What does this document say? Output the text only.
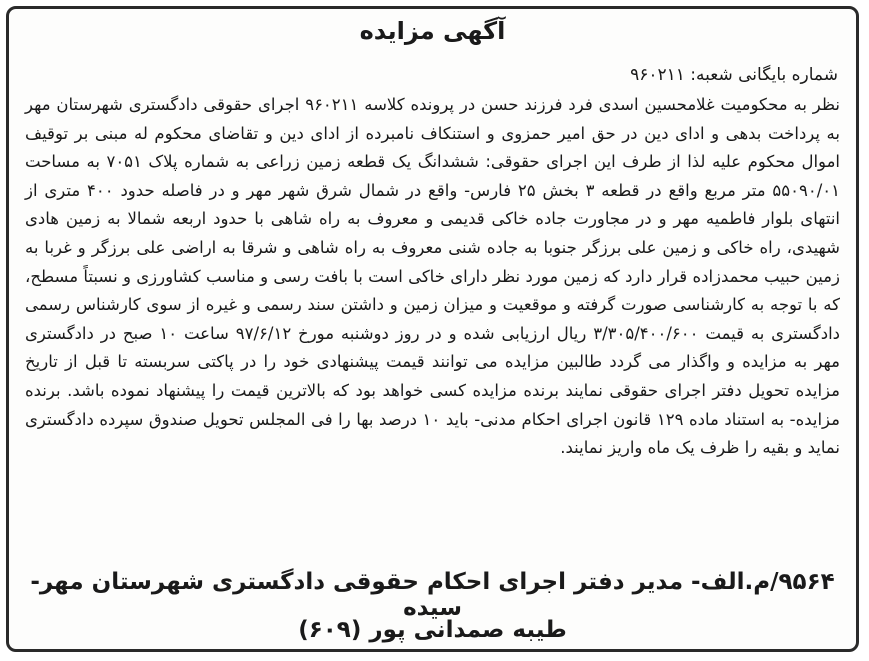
آگهی مزایده
شماره بایگانی شعبه: ۹۶۰۲۱۱
نظر به محکومیت غلامحسین اسدی فرد فرزند حسن در پرونده کلاسه ۹۶۰۲۱۱ اجرای حقوقی دادگستری شهرستان مهر به پرداخت بدهی و ادای دین در حق امیر حمزوی و استنکاف نامبرده از ادای دین و تقاضای محکوم له مبنی بر توقیف اموال محکوم علیه لذا از طرف این اجرای حقوقی: ششدانگ یک قطعه زمین زراعی به شماره پلاک ۷۰۵۱ به مساحت ۵۵۰۹۰/۰۱ متر مربع واقع در قطعه ۳ بخش ۲۵ فارس- واقع در شمال شرق شهر مهر و در فاصله حدود ۴۰۰ متری از انتهای بلوار فاطمیه مهر و در مجاورت جاده خاکی قدیمی و معروف به راه شاهی با حدود اربعه شمالا به زمین هادی شهیدی، راه خاکی و زمین علی برزگر جنوبا به جاده شنی معروف به راه شاهی و شرقا به اراضی علی برزگر و غربا به زمین حبیب محمدزاده قرار دارد که زمین مورد نظر دارای خاکی است با بافت رسی و مناسب کشاورزی و نسبتاً مسطح، که با توجه به کارشناسی صورت گرفته و موقعیت و میزان زمین و داشتن سند رسمی و غیره از سوی کارشناس رسمی دادگستری به قیمت ۳/۳۰۵/۴۰۰/۶۰۰ ریال ارزیابی شده و در روز دوشنبه مورخ ۹۷/۶/۱۲ ساعت ۱۰ صبح در دادگستری مهر به مزایده و واگذار می گردد طالبین مزایده می توانند قیمت پیشنهادی خود را در پاکتی سربسته تا قبل از تاریخ مزایده تحویل دفتر اجرای حقوقی نمایند برنده مزایده کسی خواهد بود که بالاترین قیمت را پیشنهاد نموده باشد. برنده مزایده- به استناد ماده ۱۲۹ قانون اجرای احکام مدنی- باید ۱۰ درصد بها را فی المجلس تحویل صندوق سپرده دادگستری نماید و بقیه را ظرف یک ماه واریز نمایند.
۹۵۶۴/م.الف- مدیر دفتر اجرای احکام حقوقی دادگستری شهرستان مهر- سیده
طیبه صمدانی پور (۶۰۹)
